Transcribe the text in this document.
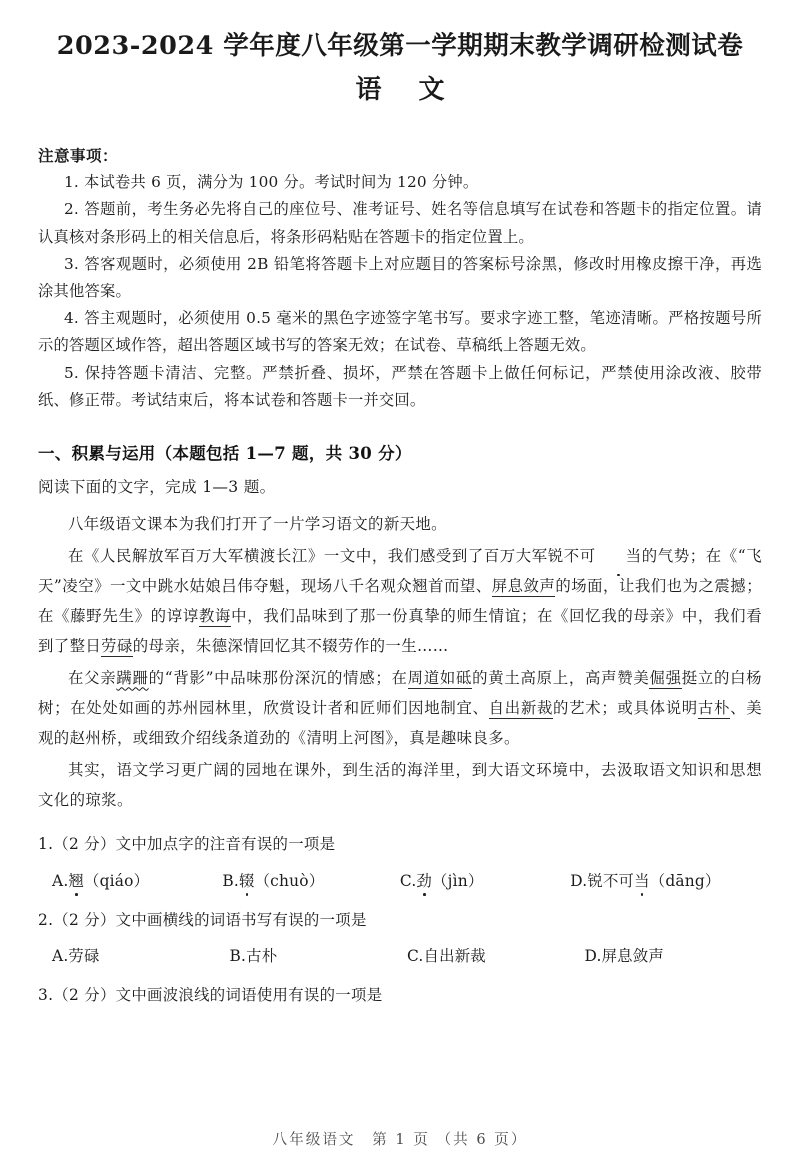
2023-2024 学年度八年级第一学期期末教学调研检测试卷
语 文
注意事项：

1. 本试卷共 6 页，满分为 100 分。考试时间为 120 分钟。

2. 答题前，考生务必先将自己的座位号、准考证号、姓名等信息填写在试卷和答题卡的指定位置。请认真核对条形码上的相关信息后，将条形码粘贴在答题卡的指定位置上。

3. 答客观题时，必须使用 2B 铅笔将答题卡上对应题目的答案标号涂黑，修改时用橡皮擦干净，再选涂其他答案。

4. 答主观题时，必须使用 0.5 毫米的黑色字迹签字笔书写。要求字迹工整，笔迹清晰。严格按题号所示的答题区域作答，超出答题区域书写的答案无效；在试卷、草稿纸上答题无效。

5. 保持答题卡清洁、完整。严禁折叠、损坏，严禁在答题卡上做任何标记，严禁使用涂改液、胶带纸、修正带。考试结束后，将本试卷和答题卡一并交回。

一、积累与运用（本题包括 1—7 题，共 30 分）
阅读下面的文字，完成 1—3 题。

八年级语文课本为我们打开了一片学习语文的新天地。

在《人民解放军百万大军横渡长江》一文中，我们感受到了百万大军锐不可 当的气势；在《“飞天”凌空》一文中跳水姑娘吕伟夺魁，现场八千名观众翘首而望、屏息敛声的场面，让我们也为之震撼；在《藤野先生》的谆谆教诲中，我们品味到了那一份真挚的师生情谊；在《回忆我的母亲》中，我们看到了整日劳碌的母亲，朱德深情回忆其不辍劳作的一生……

在父亲蹒跚的“背影”中品味那份深沉的情感；在周道如砥的黄土高原上，高声赞美倔强挺立的白杨树；在处处如画的苏州园林里，欣赏设计者和匠师们因地制宜、自出新裁的艺术；或具体说明古朴、美观的赵州桥，或细致介绍线条道劲的《清明上河图》，真是趣味良多。

其实，语文学习更广阔的园地在课外，到生活的海洋里，到大语文环境中，去汲取语文知识和思想文化的琼浆。

1.（2 分）文中加点字的注音有误的一项是
A.翘（qiáo）	B.辍（chuò）	C.劲（jìn）	D.锐不可当（dāng）
2.（2 分）文中画横线的词语书写有误的一项是
A.劳碌	B.古朴	C.自出新裁	D.屏息敛声
3.（2 分）文中画波浪线的词语使用有误的一项是
八年级语文　第 1 页 （共 6 页）
